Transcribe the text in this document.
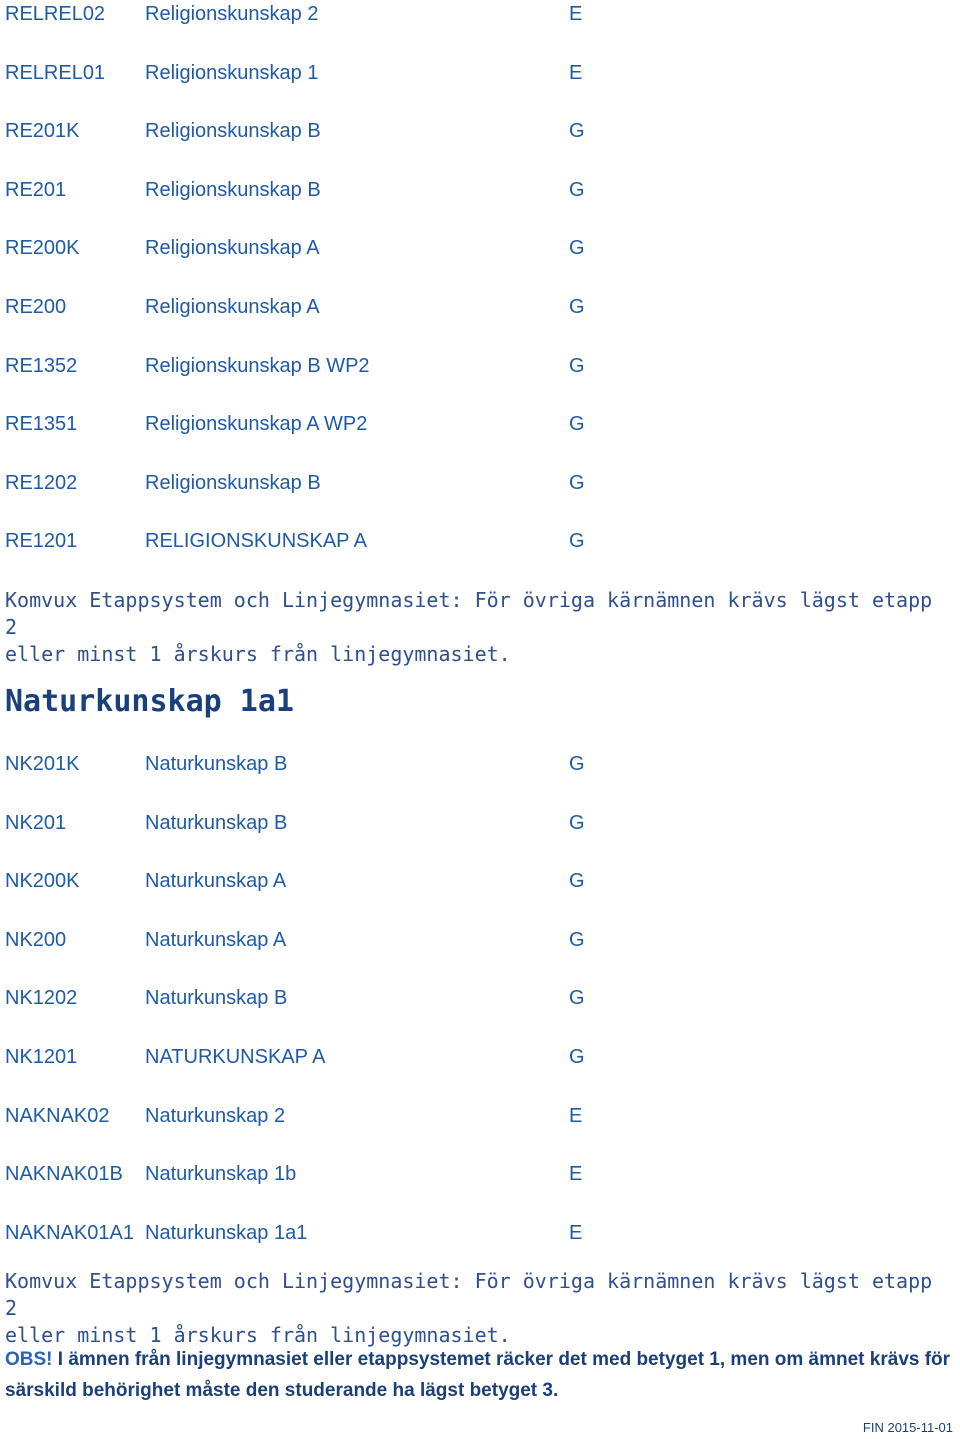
RELREL02 Religionskunskap 2	E
RELREL01 Religionskunskap 1	E
RE201K	Religionskunskap B	G
RE201	Religionskunskap B	G
RE200K	Religionskunskap A	G
RE200	Religionskunskap A	G
RE1352	Religionskunskap B WP2	G
RE1351	Religionskunskap A WP2	G
RE1202	Religionskunskap B	G
RE1201	RELIGIONSKUNSKAP A	G
Komvux Etappsystem och Linjegymnasiet: För övriga kärnämnen krävs lägst etapp 2
eller minst 1 årskurs från linjegymnasiet.
Naturkunskap 1a1
NK201K	Naturkunskap B	G
NK201	Naturkunskap B	G
NK200K	Naturkunskap A	G
NK200	Naturkunskap A	G
NK1202	Naturkunskap B	G
NK1201	NATURKUNSKAP A	G
NAKNAK02 Naturkunskap 2	E
NAKNAK01B Naturkunskap 1b	E
NAKNAK01A1 Naturkunskap 1a1	E
Komvux Etappsystem och Linjegymnasiet: För övriga kärnämnen krävs lägst etapp 2
eller minst 1 årskurs från linjegymnasiet.
OBS! I ämnen från linjegymnasiet eller etappsystemet räcker det med betyget 1, men om ämnet krävs för särskild behörighet måste den studerande ha lägst betyget 3.
FIN 2015-11-01
